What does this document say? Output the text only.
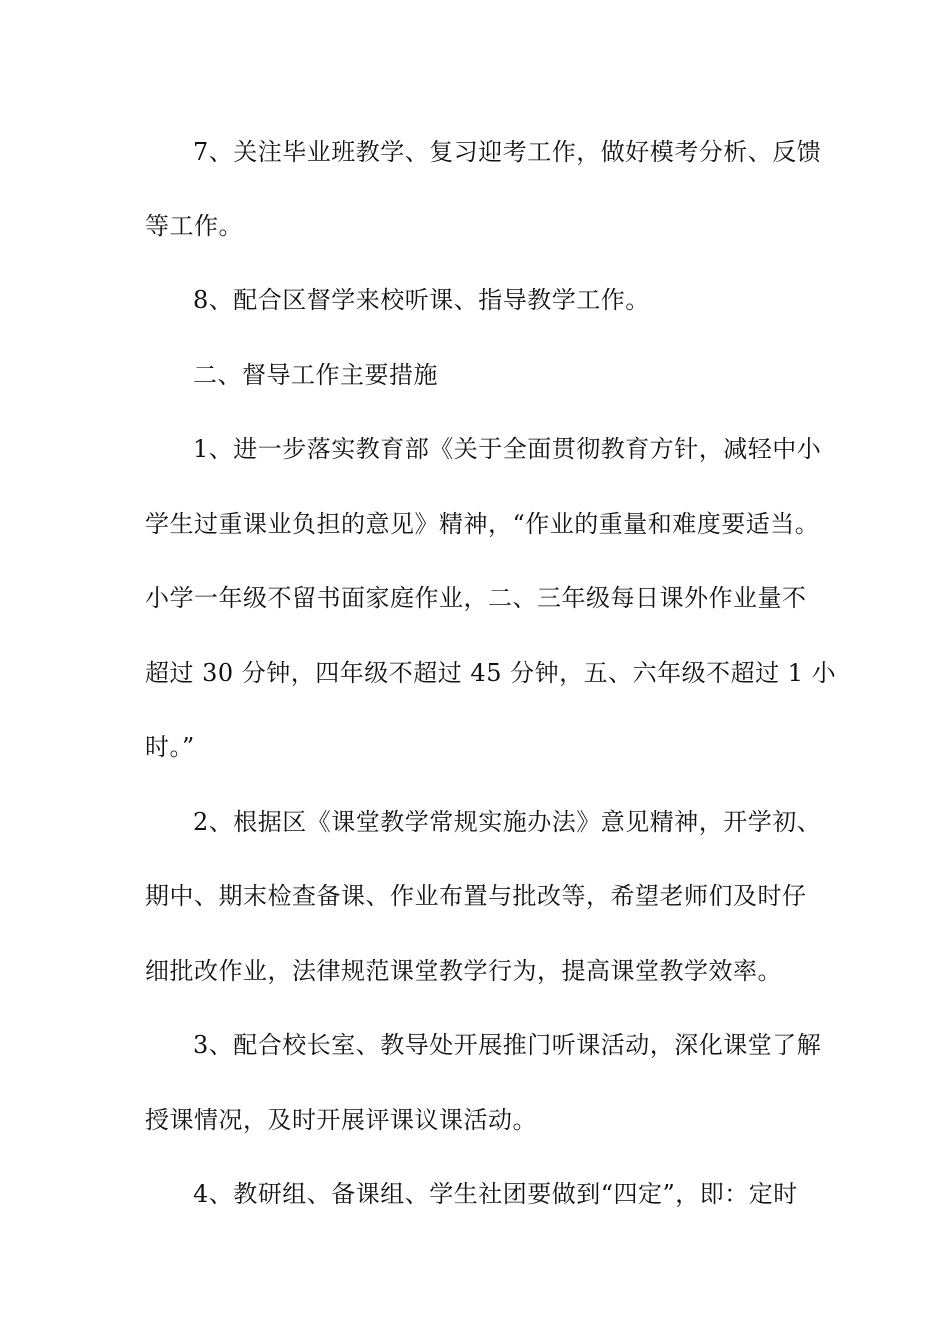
7、关注毕业班教学、复习迎考工作，做好模考分析、反馈
等工作。
8、配合区督学来校听课、指导教学工作。
二、督导工作主要措施
1、进一步落实教育部《关于全面贯彻教育方针，减轻中小
学生过重课业负担的意见》精神，“作业的重量和难度要适当。
小学一年级不留书面家庭作业，二、三年级每日课外作业量不
超过 30 分钟，四年级不超过 45 分钟，五、六年级不超过 1 小
时。”
2、根据区《课堂教学常规实施办法》意见精神，开学初、
期中、期末检查备课、作业布置与批改等，希望老师们及时仔
细批改作业，法律规范课堂教学行为，提高课堂教学效率。
3、配合校长室、教导处开展推门听课活动，深化课堂了解
授课情况，及时开展评课议课活动。
4、教研组、备课组、学生社团要做到“四定”，即：定时
